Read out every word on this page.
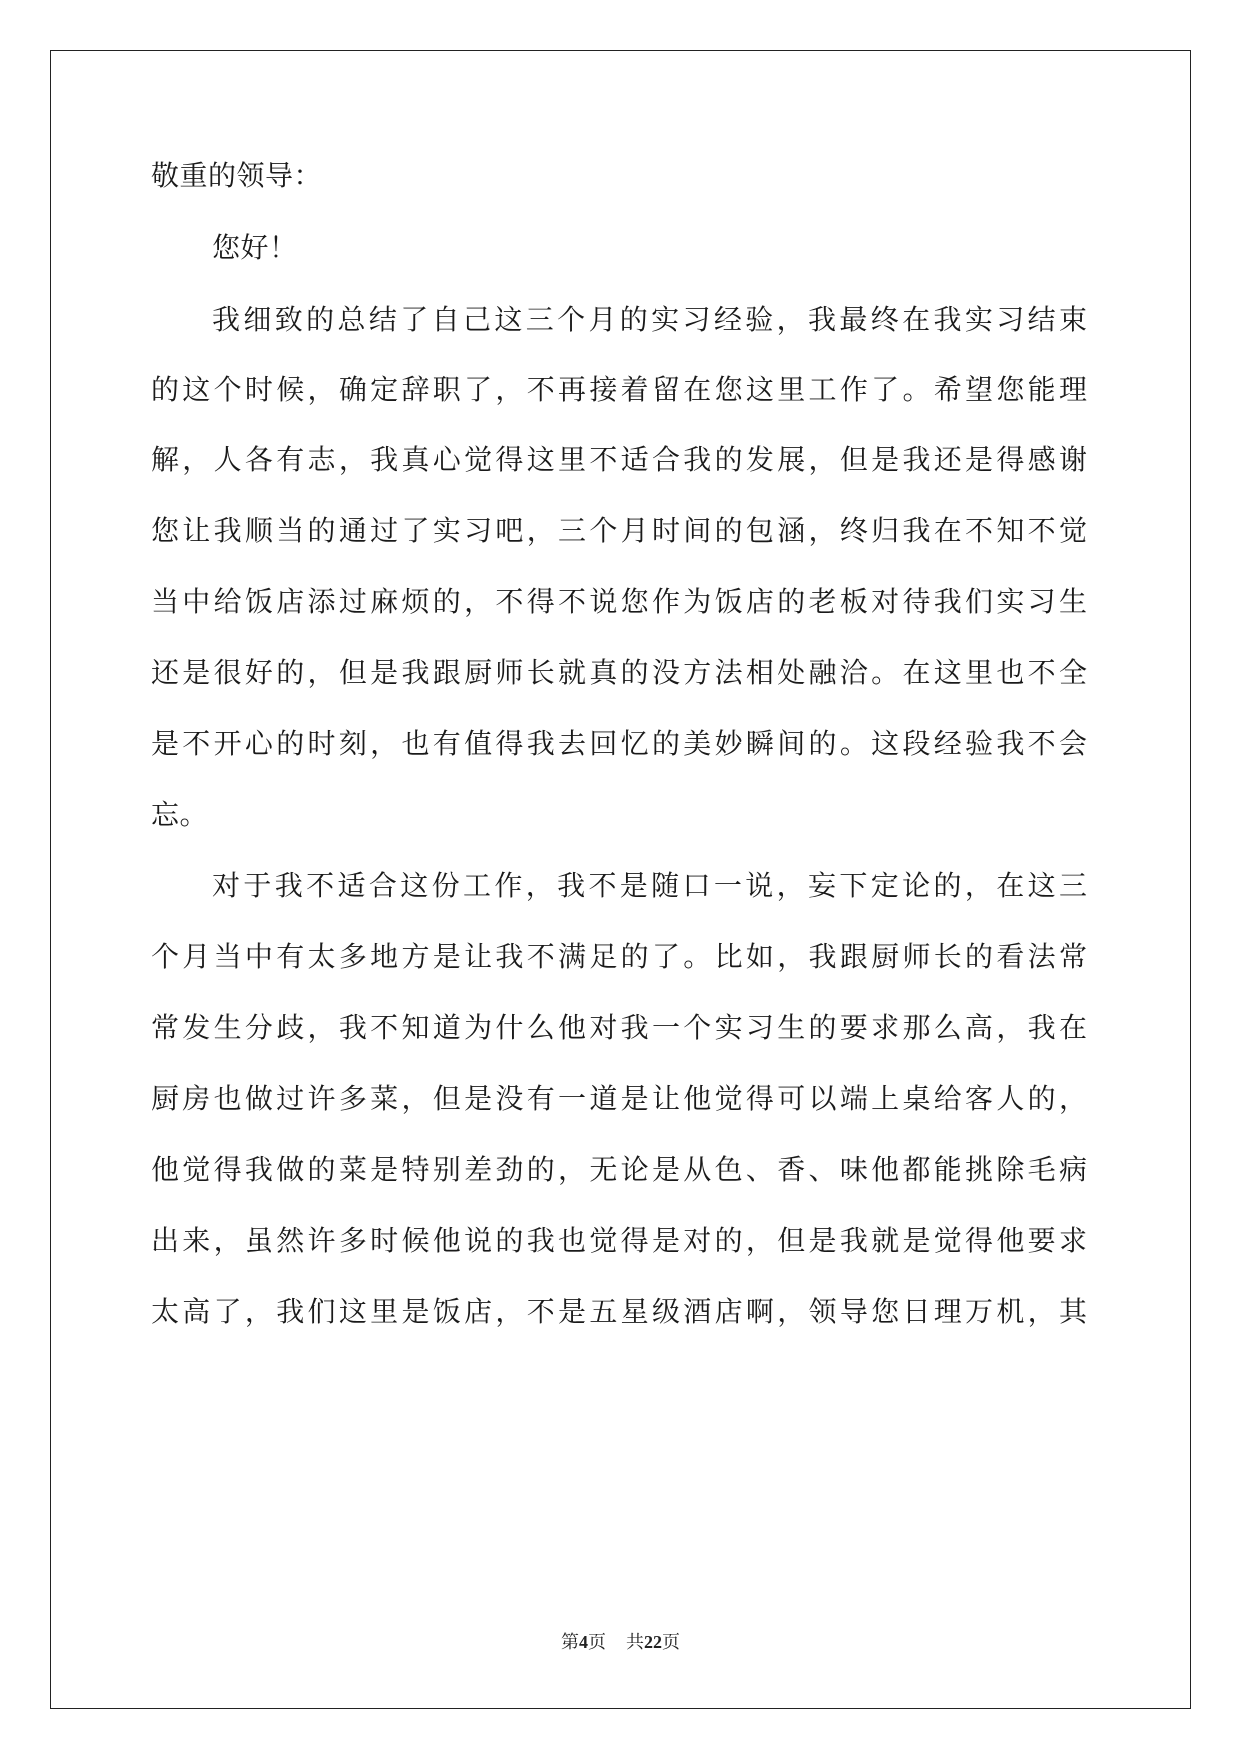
敬重的领导：
您好！
我细致的总结了自己这三个月的实习经验，我最终在我实习结束
的这个时候，确定辞职了，不再接着留在您这里工作了。希望您能理
解，人各有志，我真心觉得这里不适合我的发展，但是我还是得感谢
您让我顺当的通过了实习吧，三个月时间的包涵，终归我在不知不觉
当中给饭店添过麻烦的，不得不说您作为饭店的老板对待我们实习生
还是很好的，但是我跟厨师长就真的没方法相处融洽。在这里也不全
是不开心的时刻，也有值得我去回忆的美妙瞬间的。这段经验我不会
忘。
对于我不适合这份工作，我不是随口一说，妄下定论的，在这三
个月当中有太多地方是让我不满足的了。比如，我跟厨师长的看法常
常发生分歧，我不知道为什么他对我一个实习生的要求那么高，我在
厨房也做过许多菜，但是没有一道是让他觉得可以端上桌给客人的，
他觉得我做的菜是特别差劲的，无论是从色、香、味他都能挑除毛病
出来，虽然许多时候他说的我也觉得是对的，但是我就是觉得他要求
太高了，我们这里是饭店，不是五星级酒店啊，领导您日理万机，其
第4页 共22页
